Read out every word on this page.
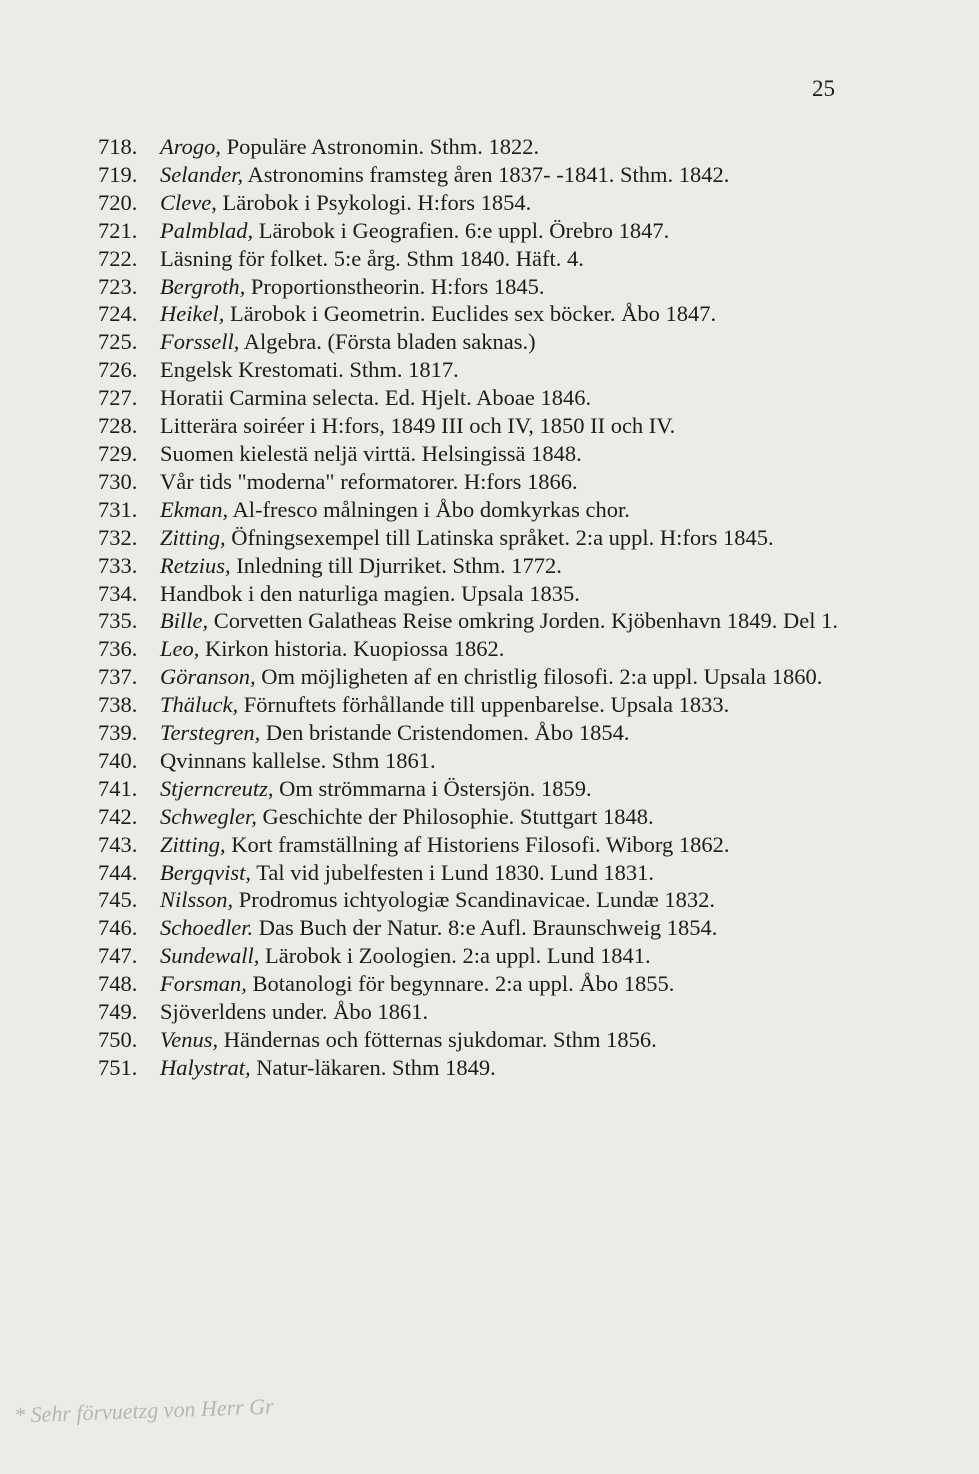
25
718.	Arogo, Populäre Astronomin. Sthm. 1822.
719.	Selander, Astronomins framsteg åren 1837- -1841. Sthm. 1842.
720.	Cleve, Lärobok i Psykologi. H:fors 1854.
721.	Palmblad, Lärobok i Geografien. 6:e uppl. Örebro 1847.
722.	Läsning för folket. 5:e årg. Sthm 1840. Häft. 4.
723.	Bergroth, Proportionstheorin. H:fors 1845.
724.	Heikel, Lärobok i Geometrin. Euclides sex böcker. Åbo 1847.
725.	Forssell, Algebra. (Första bladen saknas.)
726.	Engelsk Krestomati. Sthm. 1817.
727.	Horatii Carmina selecta. Ed. Hjelt. Aboae 1846.
728.	Litterära soiréer i H:fors, 1849 III och IV, 1850 II och IV.
729.	Suomen kielestä neljä virttä. Helsingissä 1848.
730.	Vår tids "moderna" reformatorer. H:fors 1866.
731.	Ekman, Al-fresco målningen i Åbo domkyrkas chor.
732.	Zitting, Öfningsexempel till Latinska språket. 2:a uppl. H:fors 1845.
733.	Retzius, Inledning till Djurriket. Sthm. 1772.
734.	Handbok i den naturliga magien. Upsala 1835.
735.	Bille, Corvetten Galatheas Reise omkring Jorden. Kjöbenhavn 1849. Del 1.
736.	Leo, Kirkon historia. Kuopiossa 1862.
737.	Göranson, Om möjligheten af en christlig filosofi. 2:a uppl. Upsala 1860.
738.	Thäluck, Förnuftets förhållande till uppenbarelse. Upsala 1833.
739.	Terstegren, Den bristande Cristendomen. Åbo 1854.
740.	Qvinnans kallelse. Sthm 1861.
741.	Stjerncreutz, Om strömmarna i Östersjön. 1859.
742.	Schwegler, Geschichte der Philosophie. Stuttgart 1848.
743.	Zitting, Kort framställning af Historiens Filosofi. Wiborg 1862.
744.	Bergqvist, Tal vid jubelfesten i Lund 1830. Lund 1831.
745.	Nilsson, Prodromus ichtyologiæ Scandinavicae. Lundæ 1832.
746.	Schoedler. Das Buch der Natur. 8:e Aufl. Braunschweig 1854.
747.	Sundewall, Lärobok i Zoologien. 2:a uppl. Lund 1841.
748.	Forsman, Botanologi för begynnare. 2:a uppl. Åbo 1855.
749.	Sjöverldens under. Åbo 1861.
750.	Venus, Händernas och fötternas sjukdomar. Sthm 1856.
751.	Halystrat, Natur-läkaren. Sthm 1849.
* Sehr förvuetzg von Herr Gr
